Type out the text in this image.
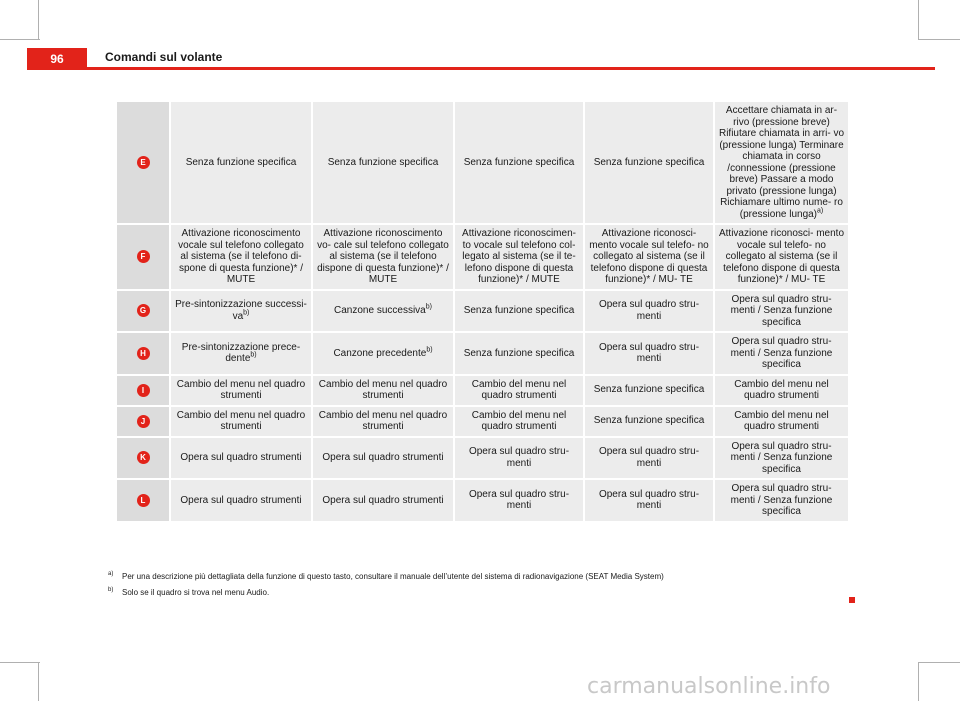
96	Comandi sul volante
E	Senza funzione specifica	Senza funzione specifica	Senza funzione specifica	Senza funzione specifica	Accettare chiamata in ar- rivo (pressione breve) Rifiutare chiamata in arri- vo (pressione lunga) Terminare chiamata in corso /connessione (pressione breve) Passare a modo privato (pressione lunga) Richiamare ultimo nume- ro (pressione lunga)$^{a)}$
F	Attivazione riconoscimento vocale sul telefono collegato al sistema (se il telefono di- spone di questa funzione)* / MUTE	Attivazione riconoscimento vo- cale sul telefono collegato al sistema (se il telefono dispone di questa funzione)* / MUTE	Attivazione riconoscimen- to vocale sul telefono col- legato al sistema (se il te- lefono dispone di questa funzione)* / MUTE	Attivazione riconosci- mento vocale sul telefo- no collegato al sistema (se il telefono dispone di questa funzione)* / MU- TE	Attivazione riconosci- mento vocale sul telefo- no collegato al sistema (se il telefono dispone di questa funzione)* / MU- TE
G	Pre-sintonizzazione successi- $va^{b)}$	Canzone successiva$^{b)}$	Senza funzione specifica	Opera sul quadro stru- menti	Opera sul quadro stru- menti / Senza funzione specifica
H	Pre-sintonizzazione prece- dente$^{b)}$	Canzone precedente$^{b)}$	Senza funzione specifica	Opera sul quadro stru- menti	Opera sul quadro stru- menti / Senza funzione specifica
I	Cambio del menu nel quadro strumenti	Cambio del menu nel quadro strumenti	Cambio del menu nel quadro strumenti	Senza funzione specifica	Cambio del menu nel quadro strumenti
J	Cambio del menu nel quadro strumenti	Cambio del menu nel quadro strumenti	Cambio del menu nel quadro strumenti	Senza funzione specifica	Cambio del menu nel quadro strumenti
K	Opera sul quadro strumenti	Opera sul quadro strumenti	Opera sul quadro stru- menti	Opera sul quadro stru- menti	Opera sul quadro stru- menti / Senza funzione specifica
L	Opera sul quadro strumenti	Opera sul quadro strumenti	Opera sul quadro stru- menti	Opera sul quadro stru- menti	Opera sul quadro stru- menti / Senza funzione specifica
a) Per una descrizione più dettagliata della funzione di questo tasto, consultare il manuale dell’utente del sistema di radionavigazione (SEAT Media System)
b) Solo se il quadro si trova nel menu Audio.
carmanualsonline.info
